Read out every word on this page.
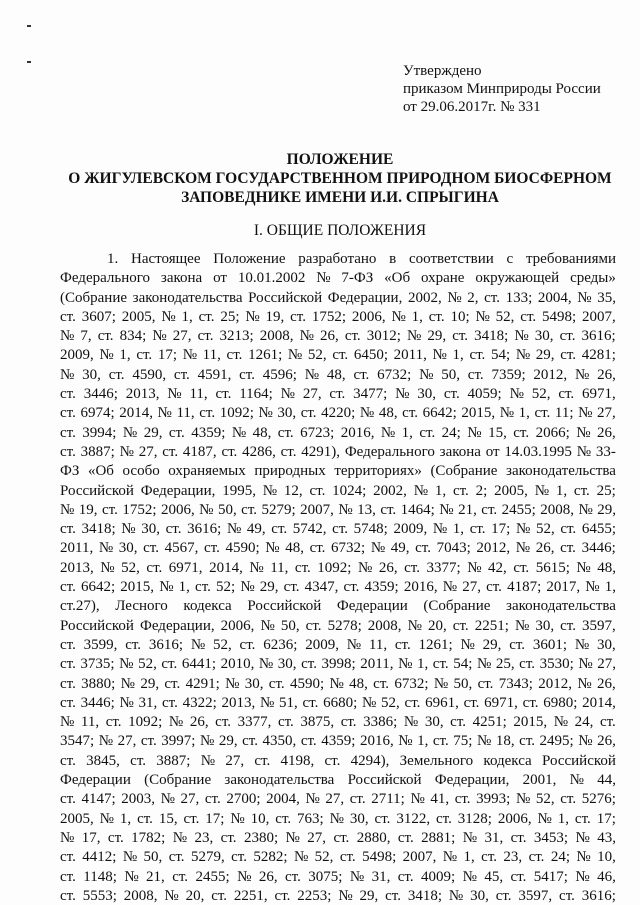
Утверждено
приказом Минприроды России
от 29.06.2017г. № 331
ПОЛОЖЕНИЕ
О ЖИГУЛЕВСКОМ ГОСУДАРСТВЕННОМ ПРИРОДНОМ БИОСФЕРНОМ
ЗАПОВЕДНИКЕ ИМЕНИ И.И. СПРЫГИНА
I. ОБЩИЕ ПОЛОЖЕНИЯ
1. Настоящее Положение разработано в соответствии с требованиями
Федерального закона от 10.01.2002 № 7-ФЗ «Об охране окружающей среды»
(Собрание законодательства Российской Федерации, 2002, № 2, ст. 133; 2004, № 35,
ст. 3607; 2005, № 1, ст. 25; № 19, ст. 1752; 2006, № 1, ст. 10; № 52, ст. 5498; 2007,
№ 7, ст. 834; № 27, ст. 3213; 2008, № 26, ст. 3012; № 29, ст. 3418; № 30, ст. 3616;
2009, № 1, ст. 17; № 11, ст. 1261; № 52, ст. 6450; 2011, № 1, ст. 54; № 29, ст. 4281;
№ 30, ст. 4590, ст. 4591, ст. 4596; № 48, ст. 6732; № 50, ст. 7359; 2012, № 26,
ст. 3446; 2013, № 11, ст. 1164; № 27, ст. 3477; № 30, ст. 4059; № 52, ст. 6971,
ст. 6974; 2014, № 11, ст. 1092; № 30, ст. 4220; № 48, ст. 6642; 2015, № 1, ст. 11; № 27,
ст. 3994; № 29, ст. 4359; № 48, ст. 6723; 2016, № 1, ст. 24; № 15, ст. 2066; № 26,
ст. 3887; № 27, ст. 4187, ст. 4286, ст. 4291), Федерального закона от 14.03.1995 № 33-
ФЗ «Об особо охраняемых природных территориях» (Собрание законодательства
Российской Федерации, 1995, № 12, ст. 1024; 2002, № 1, ст. 2; 2005, № 1, ст. 25;
№ 19, ст. 1752; 2006, № 50, ст. 5279; 2007, № 13, ст. 1464; № 21, ст. 2455; 2008, № 29,
ст. 3418; № 30, ст. 3616; № 49, ст. 5742, ст. 5748; 2009, № 1, ст. 17; № 52, ст. 6455;
2011, № 30, ст. 4567, ст. 4590; № 48, ст. 6732; № 49, ст. 7043; 2012, № 26, ст. 3446;
2013, № 52, ст. 6971, 2014, № 11, ст. 1092; № 26, ст. 3377; № 42, ст. 5615; № 48,
ст. 6642; 2015, № 1, ст. 52; № 29, ст. 4347, ст. 4359; 2016, № 27, ст. 4187; 2017, № 1,
ст.27), Лесного кодекса Российской Федерации (Собрание законодательства
Российской Федерации, 2006, № 50, ст. 5278; 2008, № 20, ст. 2251; № 30, ст. 3597,
ст. 3599, ст. 3616; № 52, ст. 6236; 2009, № 11, ст. 1261; № 29, ст. 3601; № 30,
ст. 3735; № 52, ст. 6441; 2010, № 30, ст. 3998; 2011, № 1, ст. 54; № 25, ст. 3530; № 27,
ст. 3880; № 29, ст. 4291; № 30, ст. 4590; № 48, ст. 6732; № 50, ст. 7343; 2012, № 26,
ст. 3446; № 31, ст. 4322; 2013, № 51, ст. 6680; № 52, ст. 6961, ст. 6971, ст. 6980; 2014,
№ 11, ст. 1092; № 26, ст. 3377, ст. 3875, ст. 3386; № 30, ст. 4251; 2015, № 24, ст.
3547; № 27, ст. 3997; № 29, ст. 4350, ст. 4359; 2016, № 1, ст. 75; № 18, ст. 2495; № 26,
ст. 3845, ст. 3887; № 27, ст. 4198, ст. 4294), Земельного кодекса Российской
Федерации (Собрание законодательства Российской Федерации, 2001, № 44,
ст. 4147; 2003, № 27, ст. 2700; 2004, № 27, ст. 2711; № 41, ст. 3993; № 52, ст. 5276;
2005, № 1, ст. 15, ст. 17; № 10, ст. 763; № 30, ст. 3122, ст. 3128; 2006, № 1, ст. 17;
№ 17, ст. 1782; № 23, ст. 2380; № 27, ст. 2880, ст. 2881; № 31, ст. 3453; № 43,
ст. 4412; № 50, ст. 5279, ст. 5282; № 52, ст. 5498; 2007, № 1, ст. 23, ст. 24; № 10,
ст. 1148; № 21, ст. 2455; № 26, ст. 3075; № 31, ст. 4009; № 45, ст. 5417; № 46,
ст. 5553; 2008, № 20, ст. 2251, ст. 2253; № 29, ст. 3418; № 30, ст. 3597, ст. 3616;
